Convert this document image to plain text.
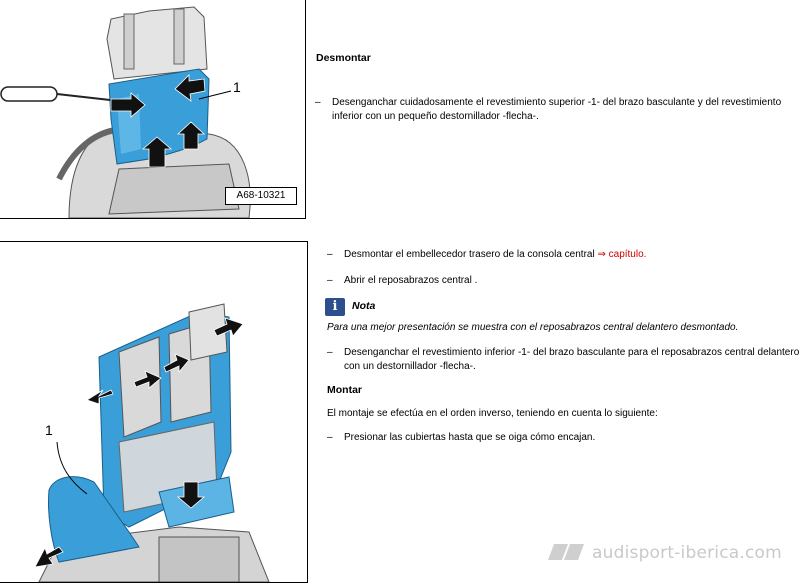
1
A68-10321
1
Desmontar
– Desenganchar cuidadosamente el revestimiento superior -1- del brazo basculante y del revestimiento inferior con un pequeño destornillador -flecha-.
– Desmontar el embellecedor trasero de la consola central ⇒ capítulo.
– Abrir el reposabrazos central .
i	Nota
Para una mejor presentación se muestra con el reposabrazos central delantero desmontado.
– Desenganchar el revestimiento inferior -1- del brazo basculante para el reposabrazos central delantero con un destornillador -flecha-.
Montar
El montaje se efectúa en el orden inverso, teniendo en cuenta lo siguiente:
– Presionar las cubiertas hasta que se oiga cómo encajan.
audisport-iberica.com
